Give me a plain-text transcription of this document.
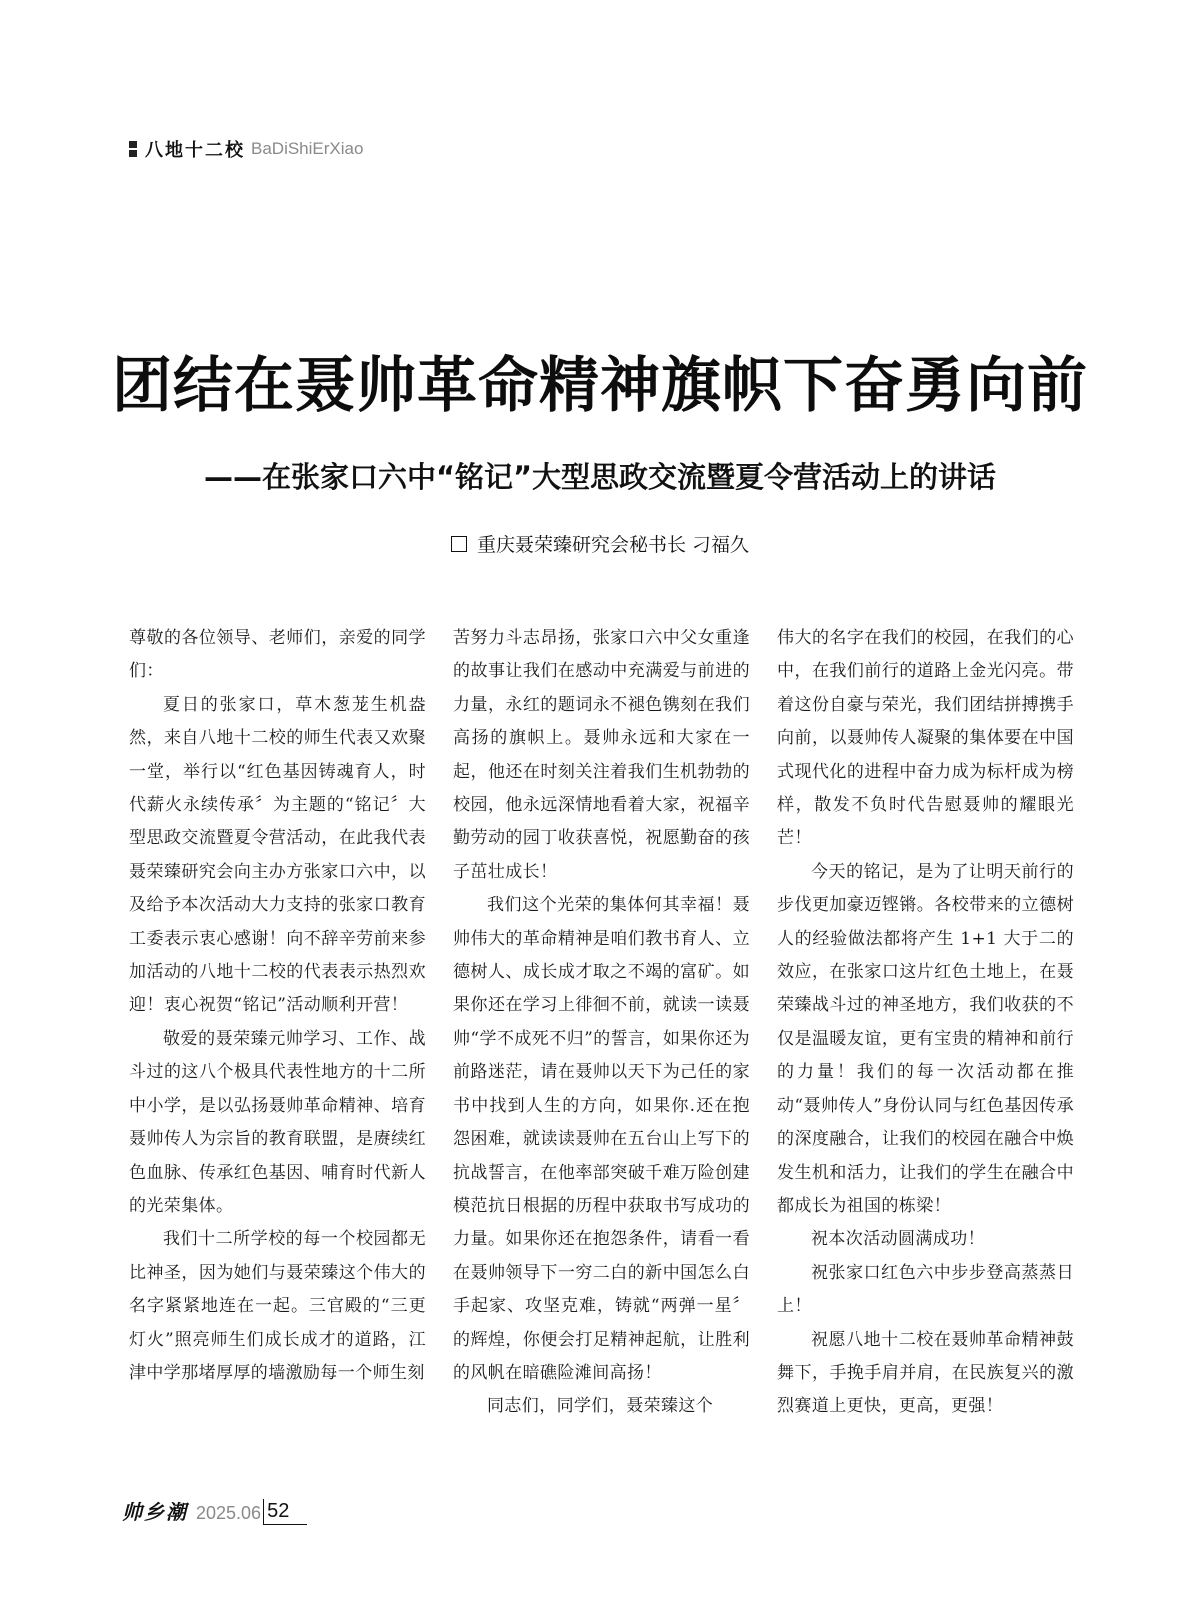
八地十二校 BaDiShiErXiao
团结在聂帅革命精神旗帜下奋勇向前
——在张家口六中“铭记”大型思政交流暨夏令营活动上的讲话
重庆聂荣臻研究会秘书长 刁福久

尊敬的各位领导、老师们，亲爱的同学们：

夏日的张家口，草木葱茏生机盎然，来自八地十二校的师生代表又欢聚一堂，举行以“红色基因铸魂育人，时代薪火永续传承〞为主题的“铭记〞大型思政交流暨夏令营活动，在此我代表聂荣臻研究会向主办方张家口六中，以及给予本次活动大力支持的张家口教育工委表示衷心感谢！向不辞辛劳前来参加活动的八地十二校的代表表示热烈欢迎！衷心祝贺“铭记”活动顺利开营！

敬爱的聂荣臻元帅学习、工作、战斗过的这八个极具代表性地方的十二所中小学，是以弘扬聂帅革命精神、培育聂帅传人为宗旨的教育联盟，是赓续红色血脉、传承红色基因、哺育时代新人的光荣集体。

我们十二所学校的每一个校园都无比神圣，因为她们与聂荣臻这个伟大的名字紧紧地连在一起。三官殿的“三更灯火”照亮师生们成长成才的道路，江津中学那堵厚厚的墙激励每一个师生刻

苦努力斗志昂扬，张家口六中父女重逢的故事让我们在感动中充满爱与前进的力量，永红的题词永不褪色镌刻在我们高扬的旗帜上。聂帅永远和大家在一起，他还在时刻关注着我们生机勃勃的校园，他永远深情地看着大家，祝福辛勤劳动的园丁收获喜悦，祝愿勤奋的孩子茁壮成长！

我们这个光荣的集体何其幸福！聂帅伟大的革命精神是咱们教书育人、立德树人、成长成才取之不竭的富矿。如果你还在学习上徘徊不前，就读一读聂帅“学不成死不归”的誓言，如果你还为前路迷茫，请在聂帅以天下为己任的家书中找到人生的方向，如果你.还在抱怨困难，就读读聂帅在五台山上写下的抗战誓言，在他率部突破千难万险创建模范抗日根据的历程中获取书写成功的力量。如果你还在抱怨条件，请看一看在聂帅领导下一穷二白的新中国怎么白手起家、攻坚克难，铸就“两弹一星〞的辉煌，你便会打足精神起航，让胜利的风帆在暗礁险滩间高扬！

同志们，同学们，聂荣臻这个

伟大的名字在我们的校园，在我们的心中，在我们前行的道路上金光闪亮。带着这份自豪与荣光，我们团结拼搏携手向前，以聂帅传人凝聚的集体要在中国式现代化的进程中奋力成为标杆成为榜样，散发不负时代告慰聂帅的耀眼光芒！

今天的铭记，是为了让明天前行的步伐更加豪迈铿锵。各校带来的立德树人的经验做法都将产生 1+1 大于二的效应，在张家口这片红色土地上，在聂荣臻战斗过的神圣地方，我们收获的不仅是温暖友谊，更有宝贵的精神和前行的力量！我们的每一次活动都在推动“聂帅传人”身份认同与红色基因传承的深度融合，让我们的校园在融合中焕发生机和活力，让我们的学生在融合中都成长为祖国的栋梁！

祝本次活动圆满成功！

祝张家口红色六中步步登高蒸蒸日上！

祝愿八地十二校在聂帅革命精神鼓舞下，手挽手肩并肩，在民族复兴的激烈赛道上更快，更高，更强！

帅乡潮 2025.06 52
